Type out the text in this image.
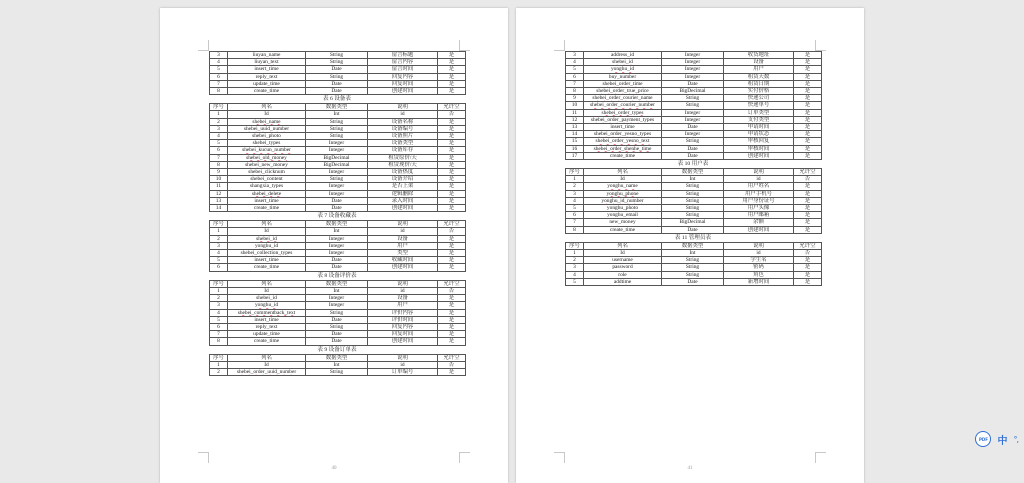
3	liuyan_name	String	留言标题	是
4	liuyan_text	String	留言内容	是
5	insert_time	Date	留言时间	是
6	reply_text	String	回复内容	是
7	update_time	Date	回复时间	是
8	create_time	Date	创建时间	是

表 6 设备表

序号	列名	数据类型	说明	允许空
1	Id	Int	id	否
2	shebei_name	String	设备名称	是
3	shebei_uuid_number	String	设备编号	是
4	shebei_photo	String	设备照片	是
5	shebei_types	Integer	设备类型	是
6	shebei_kucun_number	Integer	设备库存	是
7	shebei_old_money	BigDecimal	租赁原价/天	是
8	shebei_new_money	BigDecimal	租赁现价/天	是
9	shebei_clicknum	Integer	设备热度	是
10	shebei_content	String	设备介绍	是
11	shangxia_types	Integer	是否上架	是
12	shebei_delete	Integer	逻辑删除	是
13	insert_time	Date	录入时间	是
14	create_time	Date	创建时间	是

表 7 设备收藏表

序号	列名	数据类型	说明	允许空
1	Id	Int	id	否
2	shebei_id	Integer	设备	是
3	yonghu_id	Integer	用户	是
4	shebei_collection_types	Integer	类型	是
5	insert_time	Date	收藏时间	是
6	create_time	Date	创建时间	是

表 8 设备评价表

序号	列名	数据类型	说明	允许空
1	Id	Int	id	否
2	shebei_id	Integer	设备	是
3	yonghu_id	Integer	用户	是
4	shebei_commentback_text	String	评价内容	是
5	insert_time	Date	评价时间	是
6	reply_text	String	回复内容	是
7	update_time	Date	回复时间	是
8	create_time	Date	创建时间	是

表 9 设备订单表

序号	列名	数据类型	说明	允许空
1	Id	Int	id	否
2	shebei_order_uuid_number	String	订单编号	是
40
3	address_id	Integer	收货地址	是
4	shebei_id	Integer	设备	是
5	yonghu_id	Integer	用户	是
6	buy_number	Integer	租赁天数	是
7	shebei_order_time	Date	租赁日期	是
8	shebei_order_true_price	BigDecimal	实付价格	是
9	shebei_order_courier_name	String	快递公司	是
10	shebei_order_courier_number	String	快递单号	是
11	shebei_order_types	Integer	订单类型	是
12	shebei_order_payment_types	Integer	支付类型	是
13	insert_time	Date	申请时间	是
14	shebei_order_yesno_types	Integer	申请状态	是
15	shebei_order_yesno_text	String	审核回复	是
16	shebei_order_shenhe_time	Date	审核时间	是
17	create_time	Date	创建时间	是

表 10 用户表

序号	列名	数据类型	说明	允许空
1	Id	Int	id	否
2	yonghu_name	String	用户姓名	是
3	yonghu_phone	String	用户手机号	是
4	yonghu_id_number	String	用户身份证号	是
5	yonghu_photo	String	用户头像	是
6	yonghu_email	String	用户邮箱	是
7	new_money	BigDecimal	余额	是
8	create_time	Date	创建时间	是

表 11 管理员表

序号	列名	数据类型	说明	允许空
1	Id	Int	id	否
2	username	String	学生名	是
3	password	String	密码	是
4	role	String	角色	是
5	addtime	Date	新增时间	是
41
PDF 中 °,
